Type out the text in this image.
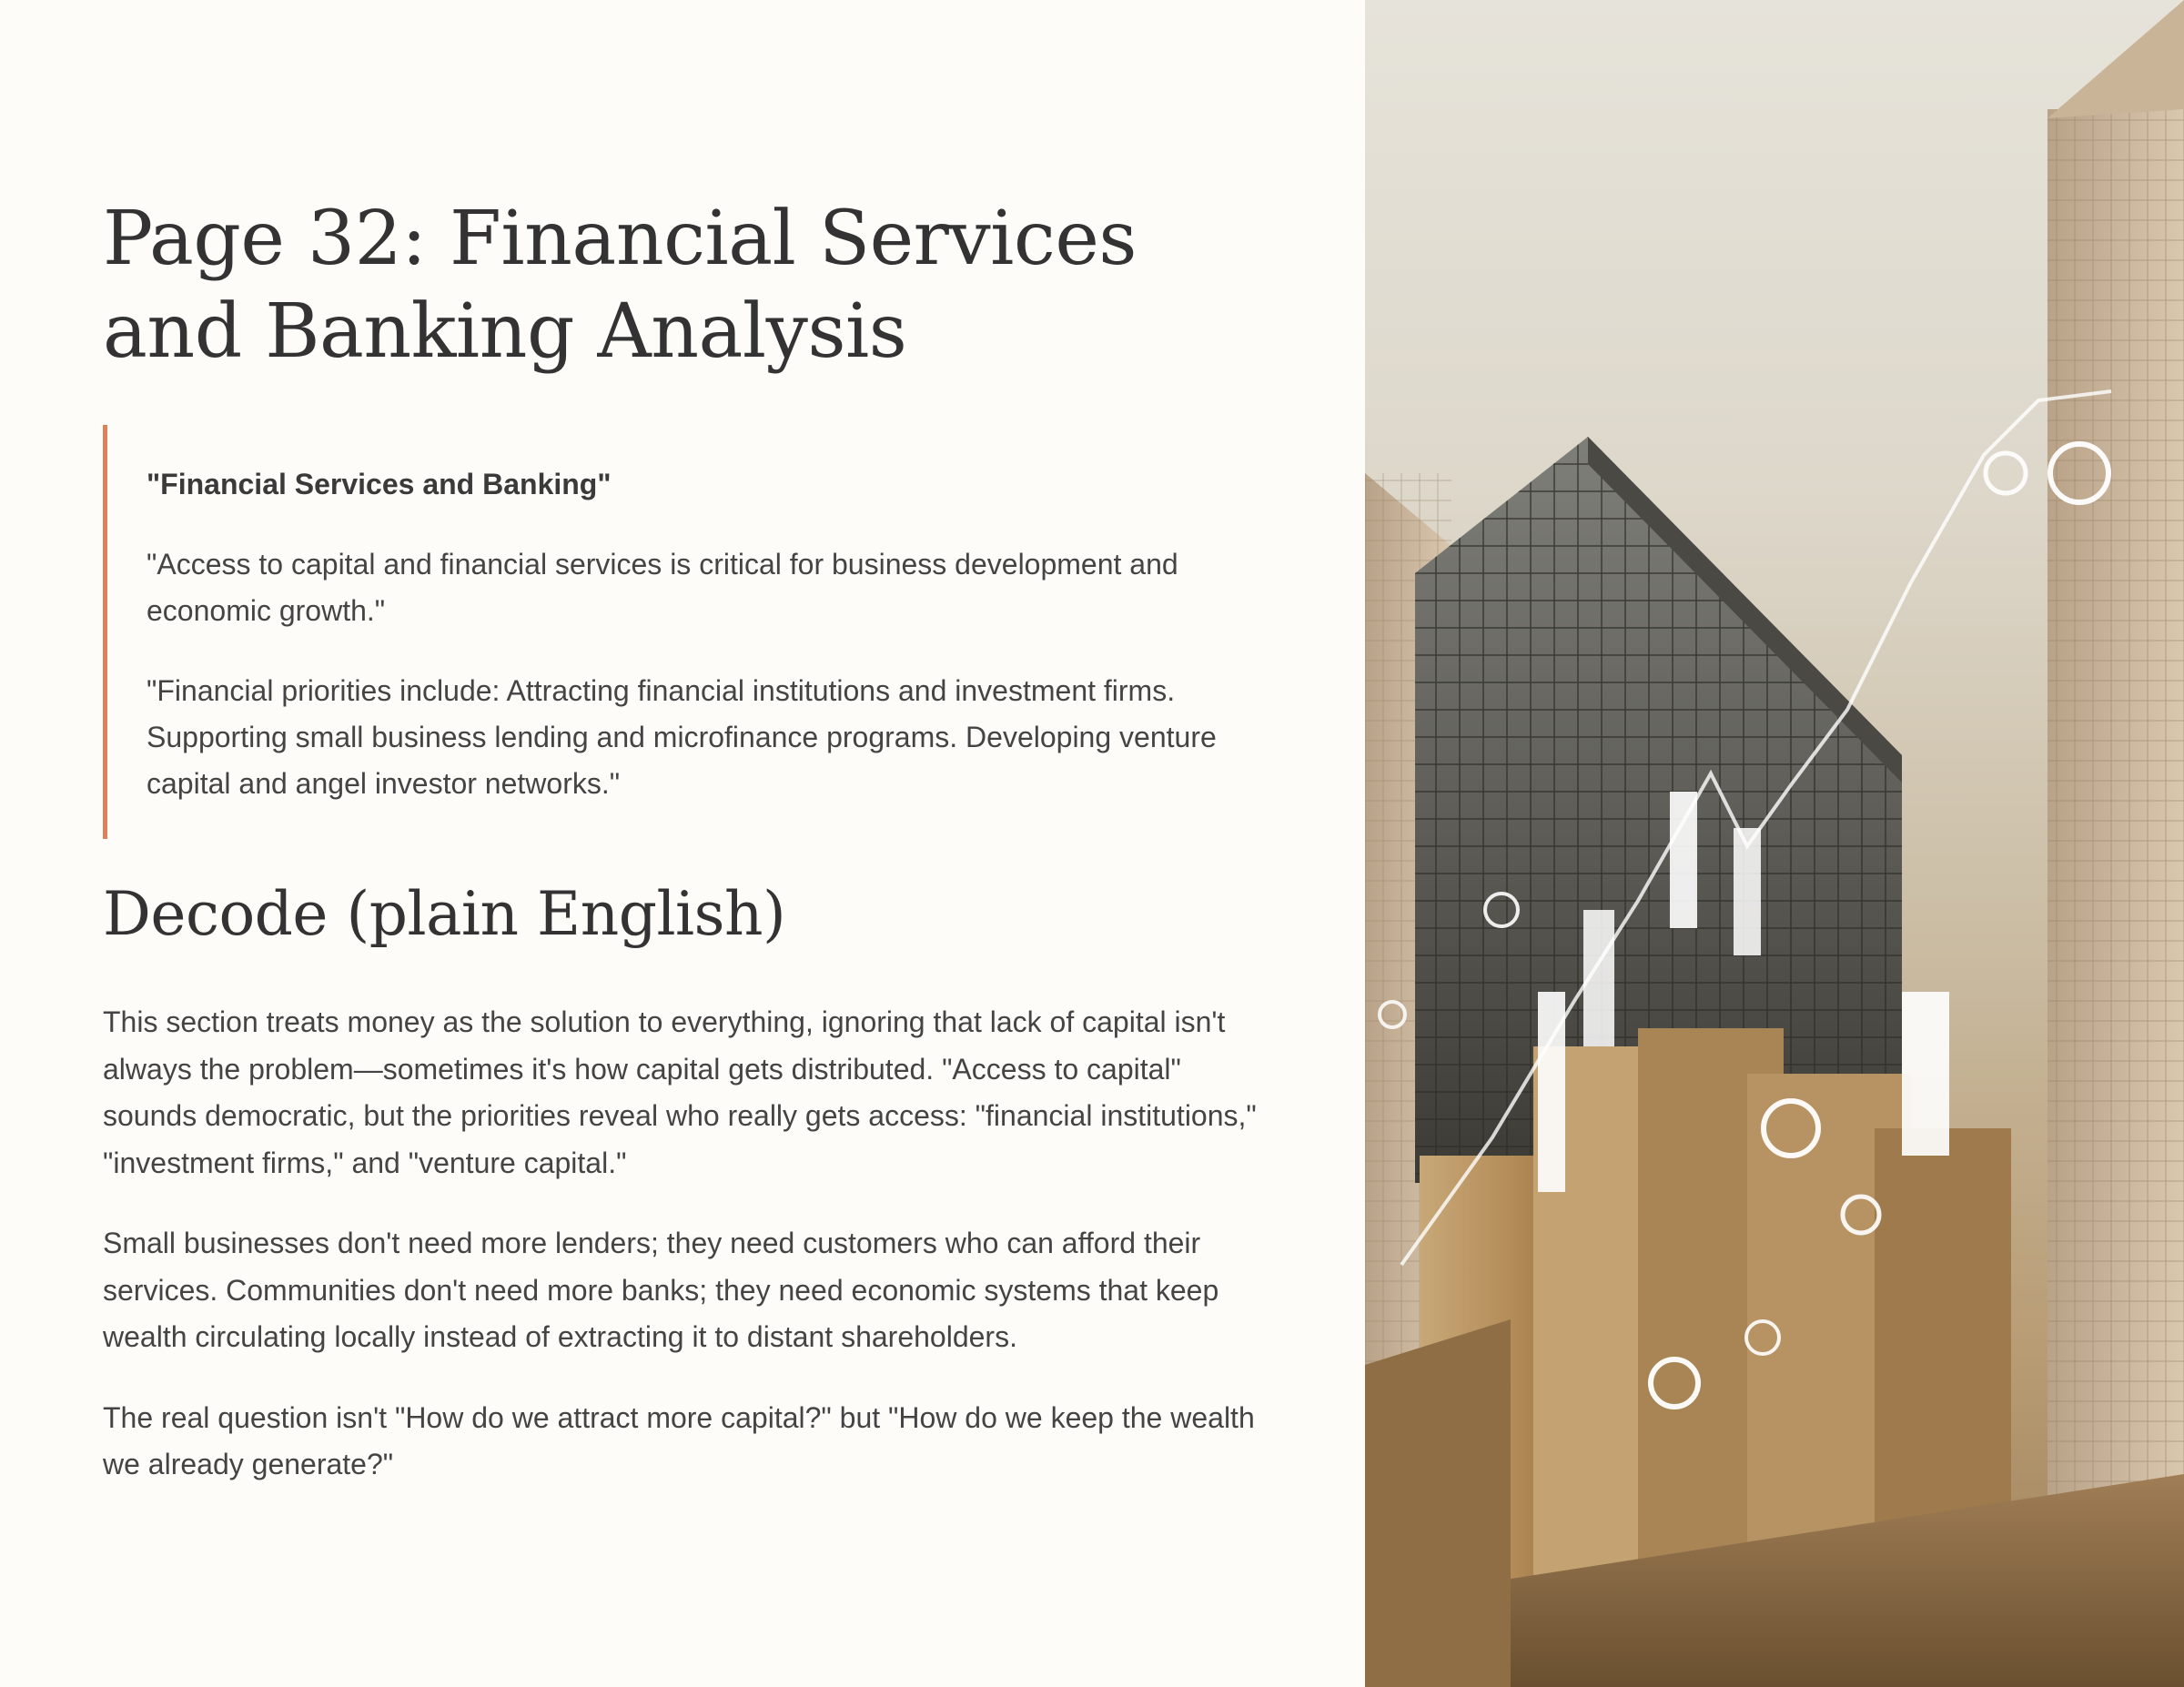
Page 32: Financial Services and Banking Analysis

"Financial Services and Banking"

"Access to capital and financial services is critical for business development and economic growth."

"Financial priorities include: Attracting financial institutions and investment firms. Supporting small business lending and microfinance programs. Developing venture capital and angel investor networks."

Decode (plain English)

This section treats money as the solution to everything, ignoring that lack of capital isn't always the problem—sometimes it's how capital gets distributed. "Access to capital" sounds democratic, but the priorities reveal who really gets access: "financial institutions," "investment firms," and "venture capital."

Small businesses don't need more lenders; they need customers who can afford their services. Communities don't need more banks; they need economic systems that keep wealth circulating locally instead of extracting it to distant shareholders.

The real question isn't "How do we attract more capital?" but "How do we keep the wealth we already generate?"
